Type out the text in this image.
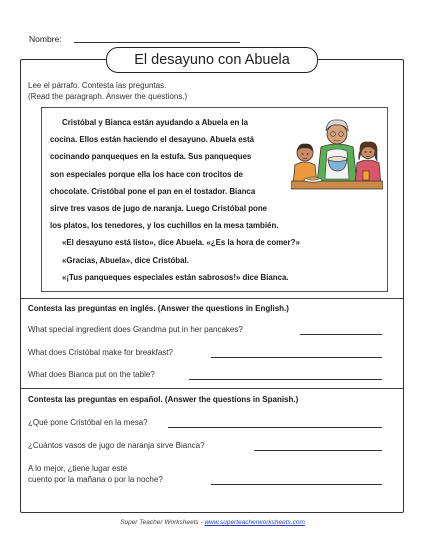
Nombre:
El desayuno con Abuela
Lee el párrafo. Contesta las preguntas.
(Read the paragraph. Answer the questions.)
Cristóbal y Bianca están ayudando a Abuela en la
cocina. Ellos están haciendo el desayuno. Abuela está
cocinando panqueques en la estufa. Sus panqueques
son especiales porque ella los hace con trocitos de
chocolate. Cristóbal pone el pan en el tostador. Bianca
sirve tres vasos de jugo de naranja. Luego Cristóbal pone
los platos, los tenedores, y los cuchillos en la mesa también.
«El desayuno está listo», dice Abuela. «¿Es la hora de comer?»
«Gracias, Abuela», dice Cristóbal.
«¡Tus panqueques especiales están sabrosos!» dice Bianca.
Contesta las preguntas en inglés. (Answer the questions in English.)
What special ingredient does Grandma put in her pancakes?
What does Cristóbal make for breakfast?
What does Bianca put on the table?
Contesta las preguntas en español. (Answer the questions in Spanish.)
¿Qué pone Cristóbal en la mesa?
¿Cuántos vasos de jugo de naranja sirve Bianca?
A lo mejor, ¿tiene lugar este
cuento por la mañana o por la noche?
Super Teacher Worksheets - www.superteacherworksheets.com
